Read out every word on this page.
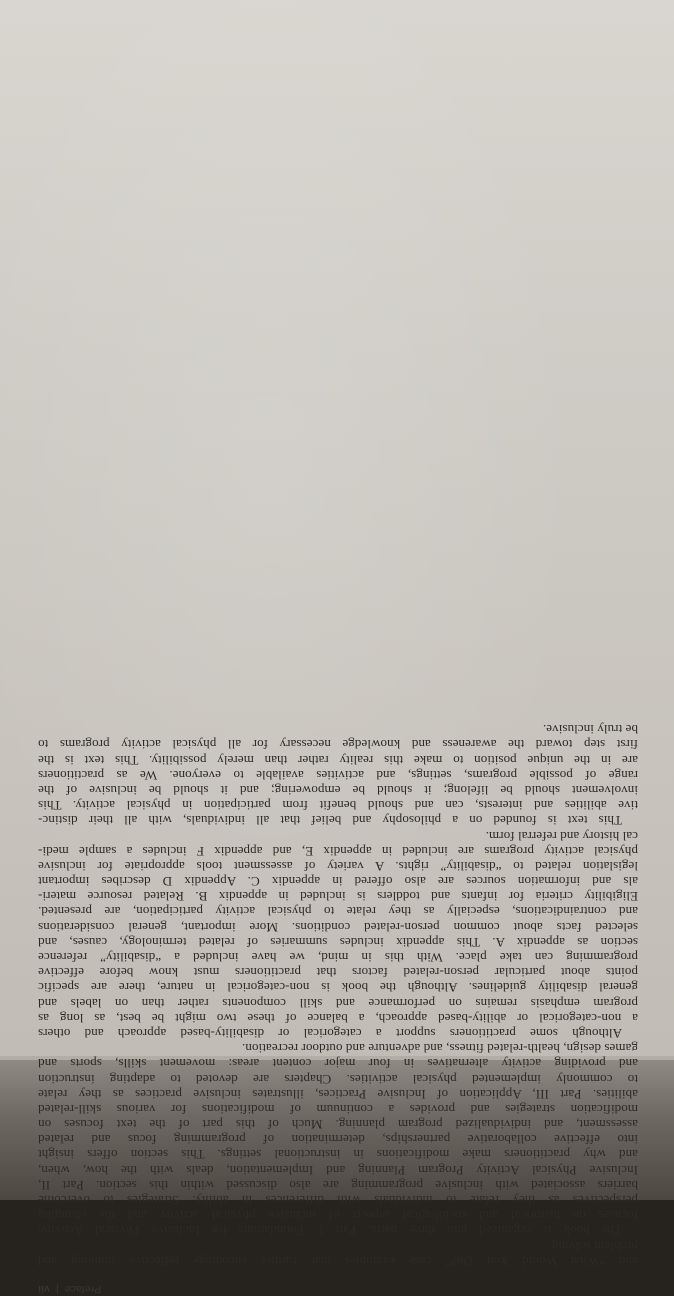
Preface
|
vii
and “What Would You Do?” case examples that further encourage reflective thinking and
problem solving.
The book is organized into three parts. Part I, Foundations for Inclusive Physical Activity,
focuses on historical and sociological aspects of inclusive physical activity and the changing
perspectives as they relate to individuals with differences in ability. Strategies to overcome
barriers associated with inclusive programming are also discussed within this section. Part II,
Inclusive Physical Activity Program Planning and Implementation, deals with the how, when,
and why practitioners make modifications in instructional settings. This section offers insight
into effective collaborative partnerships, determination of programming focus and related
assessment, and individualized program planning. Much of this part of the text focuses on
modification strategies and provides a continuum of modifications for various skill-related
abilities. Part III, Application of Inclusive Practices, illustrates inclusive practices as they relate
to commonly implemented physical activities. Chapters are devoted to adapting instruction
and providing activity alternatives in four major content areas: movement skills, sports and
games design, health-related fitness, and adventure and outdoor recreation.
Although some practitioners support a categorical or disability-based approach and others
a non-categorical or ability-based approach, a balance of these two might be best, as long as
program emphasis remains on performance and skill components rather than on labels and
general disability guidelines. Although the book is non-categorical in nature, there are specific
points about particular person-related factors that practitioners must know before effective
programming can take place. With this in mind, we have included a “disability” reference
section as appendix A. This appendix includes summaries of related terminology, causes, and
selected facts about common person-related conditions. More important, general considerations
and contraindications, especially as they relate to physical activity participation, are presented.
Eligibility criteria for infants and toddlers is included in appendix B. Related resource materi-
als and information sources are also offered in appendix C. Appendix D describes important
legislation related to “disability” rights. A variety of assessment tools appropriate for inclusive
physical activity programs are included in appendix E, and appendix F includes a sample medi-
cal history and referral form.
This text is founded on a philosophy and belief that all individuals, with all their distinc-
tive abilities and interests, can and should benefit from participation in physical activity. This
involvement should be lifelong; it should be empowering; and it should be inclusive of the
range of possible programs, settings, and activities available to everyone. We as practitioners
are in the unique position to make this reality rather than merely possibility. This text is the
first step toward the awareness and knowledge necessary for all physical activity programs to
be truly inclusive.
